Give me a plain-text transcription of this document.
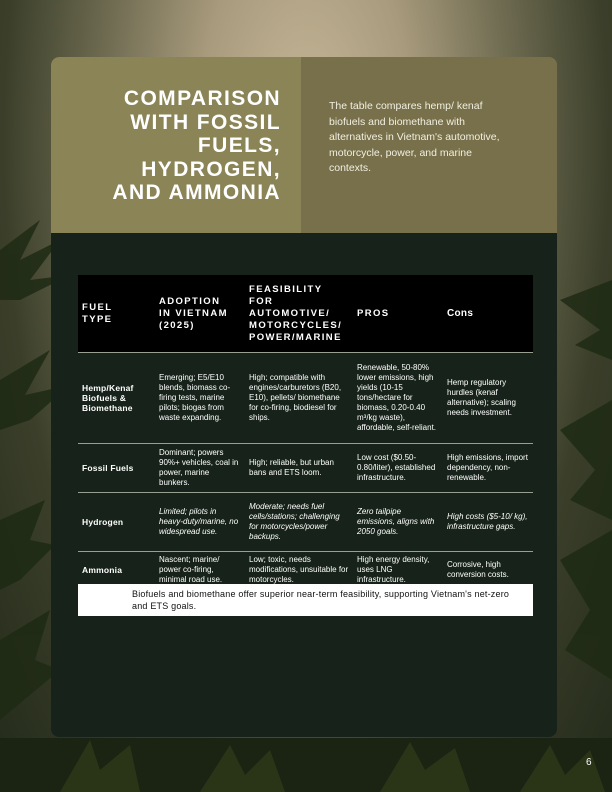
COMPARISON
WITH FOSSIL
FUELS,
HYDROGEN,
AND AMMONIA

The table compares hemp/ kenaf biofuels and biomethane with alternatives in Vietnam's automotive, motorcycle, power, and marine contexts.

FUEL
TYPE	ADOPTION
IN VIETNAM
(2025)	FEASIBILITY
FOR
AUTOMOTIVE/
MOTORCYCLES/
POWER/MARINE	PROS	Cons
Hemp/Kenaf Biofuels & Biomethane	Emerging; E5/E10 blends, biomass co-firing tests, marine pilots; biogas from waste expanding.	High; compatible with engines/carburetors (B20, E10), pellets/ biomethane for co-firing, biodiesel for ships.	Renewable, 50-80% lower emissions, high yields (10-15 tons/hectare for biomass, 0.20-0.40 m³/kg waste), affordable, self-reliant.	Hemp regulatory hurdles (kenaf alternative); scaling needs investment.
Fossil Fuels	Dominant; powers 90%+ vehicles, coal in power, marine bunkers.	High; reliable, but urban bans and ETS loom.	Low cost ($0.50-0.80/liter), established infrastructure.	High emissions, import dependency, non-renewable.
Hydrogen	Limited; pilots in heavy-duty/marine, no widespread use.	Moderate; needs fuel cells/stations; challenging for motorcycles/power backups.	Zero tailpipe emissions, aligns with 2050 goals.	High costs ($5-10/ kg), infrastructure gaps.
Ammonia	Nascent; marine/ power co-firing, minimal road use.	Low; toxic, needs modifications, unsuitable for motorcycles.	High energy density, uses LNG infrastructure.	Corrosive, high conversion costs.
Biofuels and biomethane offer superior near-term feasibility, supporting Vietnam's net-zero and ETS goals.
6
